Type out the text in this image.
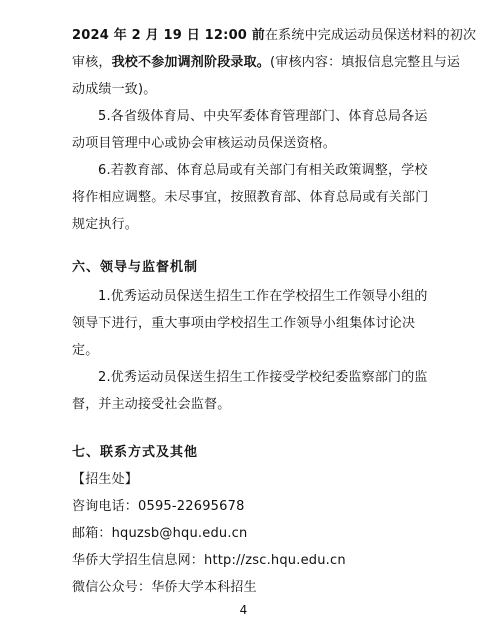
2024 年 2 月 19 日 12:00 前在系统中完成运动员保送材料的初次
审核，我校不参加调剂阶段录取。(审核内容：填报信息完整且与运
动成绩一致)。
5.各省级体育局、中央军委体育管理部门、体育总局各运
动项目管理中心或协会审核运动员保送资格。
6.若教育部、体育总局或有关部门有相关政策调整，学校
将作相应调整。未尽事宜，按照教育部、体育总局或有关部门
规定执行。
六、领导与监督机制
1.优秀运动员保送生招生工作在学校招生工作领导小组的
领导下进行，重大事项由学校招生工作领导小组集体讨论决
定。
2.优秀运动员保送生招生工作接受学校纪委监察部门的监
督，并主动接受社会监督。
七、联系方式及其他
【招生处】
咨询电话：0595-22695678
邮箱：hquzsb@hqu.edu.cn
华侨大学招生信息网：http://zsc.hqu.edu.cn
微信公众号：华侨大学本科招生
4
